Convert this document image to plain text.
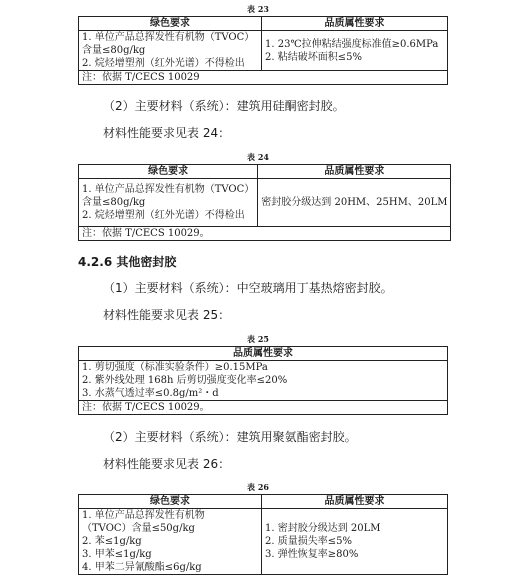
表 23
绿色要求	品质属性要求

1. 单位产品总挥发性有机物（TVOC）
含量≤80g/kg
2. 烷烃增塑剂（红外光谱）不得检出	1. 23℃拉伸粘结强度标准值≥0.6MPa
2. 粘结破坏面积≤5%

注：依据 T/CECS 10029	
（2）主要材料（系统）：建筑用硅酮密封胶。
材料性能要求见表 24：
表 24
绿色要求	品质属性要求

1. 单位产品总挥发性有机物（TVOC）
含量≤80g/kg
2. 烷烃增塑剂（红外光谱）不得检出	密封胶分级达到 20HM、25HM、20LM

注：依据 T/CECS 10029。	
4.2.6 其他密封胶
（1）主要材料（系统）：中空玻璃用丁基热熔密封胶。
材料性能要求见表 25：
表 25
品质属性要求

1. 剪切强度（标准实验条件）≥0.15MPa
2. 紫外线处理 168h 后剪切强度变化率≤20%
3. 水蒸气透过率≤0.8g/m²・d

注：依据 T/CECS 10029。
（2）主要材料（系统）：建筑用聚氨酯密封胶。
材料性能要求见表 26：
表 26
绿色要求	品质属性要求

1. 单位产品总挥发性有机物
（TVOC）含量≤50g/kg
2. 苯≤1g/kg
3. 甲苯≤1g/kg
4. 甲苯二异氰酸酯≤6g/kg	1. 密封胶分级达到 20LM
2. 质量损失率≤5%
3. 弹性恢复率≥80%
